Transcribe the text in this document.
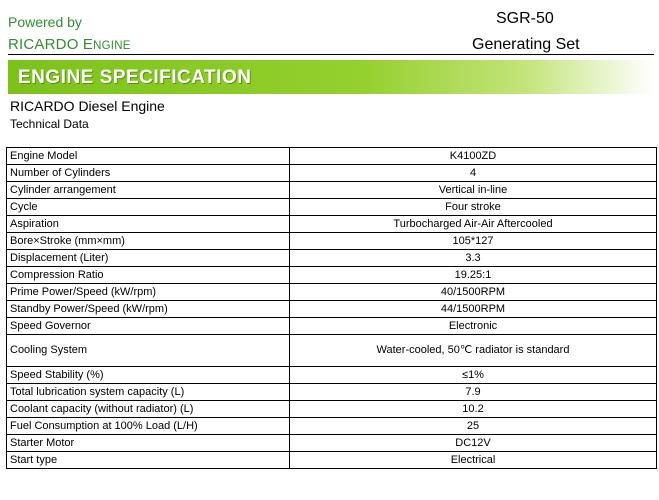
Powered by
RICARDO ENGINE
SGR-50
Generating Set
ENGINE SPECIFICATION
RICARDO Diesel Engine
Technical Data
Engine Model	K4100ZD
Number of Cylinders	4
Cylinder arrangement	Vertical in-line
Cycle	Four stroke
Aspiration	Turbocharged Air-Air Aftercooled
Bore×Stroke (mm×mm)	105*127
Displacement (Liter)	3.3
Compression Ratio	19.25:1
Prime Power/Speed (kW/rpm)	40/1500RPM
Standby Power/Speed (kW/rpm)	44/1500RPM
Speed Governor	Electronic
Cooling System	Water-cooled, 50℃ radiator is standard
Speed Stability (%)	≤1%
Total lubrication system capacity (L)	7.9
Coolant capacity (without radiator) (L)	10.2
Fuel Consumption at 100% Load (L/H)	25
Starter Motor	DC12V
Start type	Electrical
